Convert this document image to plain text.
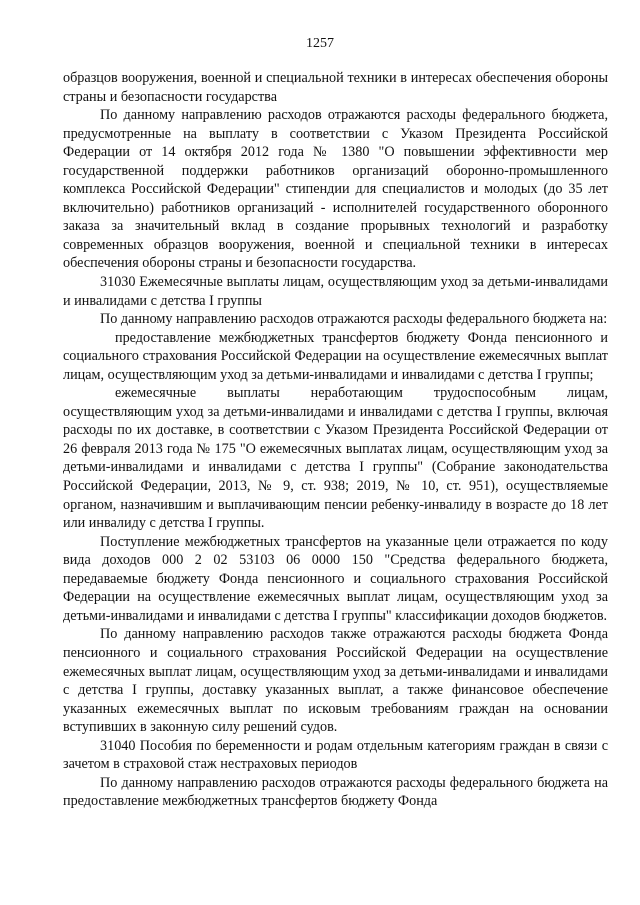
1257

образцов вооружения, военной и специальной техники в интересах обеспечения обороны страны и безопасности государства

По данному направлению расходов отражаются расходы федерального бюджета, предусмотренные на выплату в соответствии с Указом Президента Российской Федерации от 14 октября 2012 года № 1380 "О повышении эффективности мер государственной поддержки работников организаций оборонно-промышленного комплекса Российской Федерации" стипендии для специалистов и молодых (до 35 лет включительно) работников организаций - исполнителей государственного оборонного заказа за значительный вклад в создание прорывных технологий и разработку современных образцов вооружения, военной и специальной техники в интересах обеспечения обороны страны и безопасности государства.

31030 Ежемесячные выплаты лицам, осуществляющим уход за детьми-инвалидами и инвалидами с детства I группы

По данному направлению расходов отражаются расходы федерального бюджета на:

предоставление межбюджетных трансфертов бюджету Фонда пенсионного и социального страхования Российской Федерации на осуществление ежемесячных выплат лицам, осуществляющим уход за детьми-инвалидами и инвалидами с детства I группы;

ежемесячные выплаты неработающим трудоспособным лицам, осуществляющим уход за детьми-инвалидами и инвалидами с детства I группы, включая расходы по их доставке, в соответствии с Указом Президента Российской Федерации от 26 февраля 2013 года № 175 "О ежемесячных выплатах лицам, осуществляющим уход за детьми-инвалидами и инвалидами с детства I группы" (Собрание законодательства Российской Федерации, 2013, № 9, ст. 938; 2019, № 10, ст. 951), осуществляемые органом, назначившим и выплачивающим пенсии ребенку-инвалиду в возрасте до 18 лет или инвалиду с детства I группы.

Поступление межбюджетных трансфертов на указанные цели отражается по коду вида доходов 000 2 02 53103 06 0000 150 "Средства федерального бюджета, передаваемые бюджету Фонда пенсионного и социального страхования Российской Федерации на осуществление ежемесячных выплат лицам, осуществляющим уход за детьми-инвалидами и инвалидами с детства I группы" классификации доходов бюджетов.

По данному направлению расходов также отражаются расходы бюджета Фонда пенсионного и социального страхования Российской Федерации на осуществление ежемесячных выплат лицам, осуществляющим уход за детьми-инвалидами и инвалидами с детства I группы, доставку указанных выплат, а также финансовое обеспечение указанных ежемесячных выплат по исковым требованиям граждан на основании вступивших в законную силу решений судов.

31040 Пособия по беременности и родам отдельным категориям граждан в связи с зачетом в страховой стаж нестраховых периодов

По данному направлению расходов отражаются расходы федерального бюджета на предоставление межбюджетных трансфертов бюджету Фонда
